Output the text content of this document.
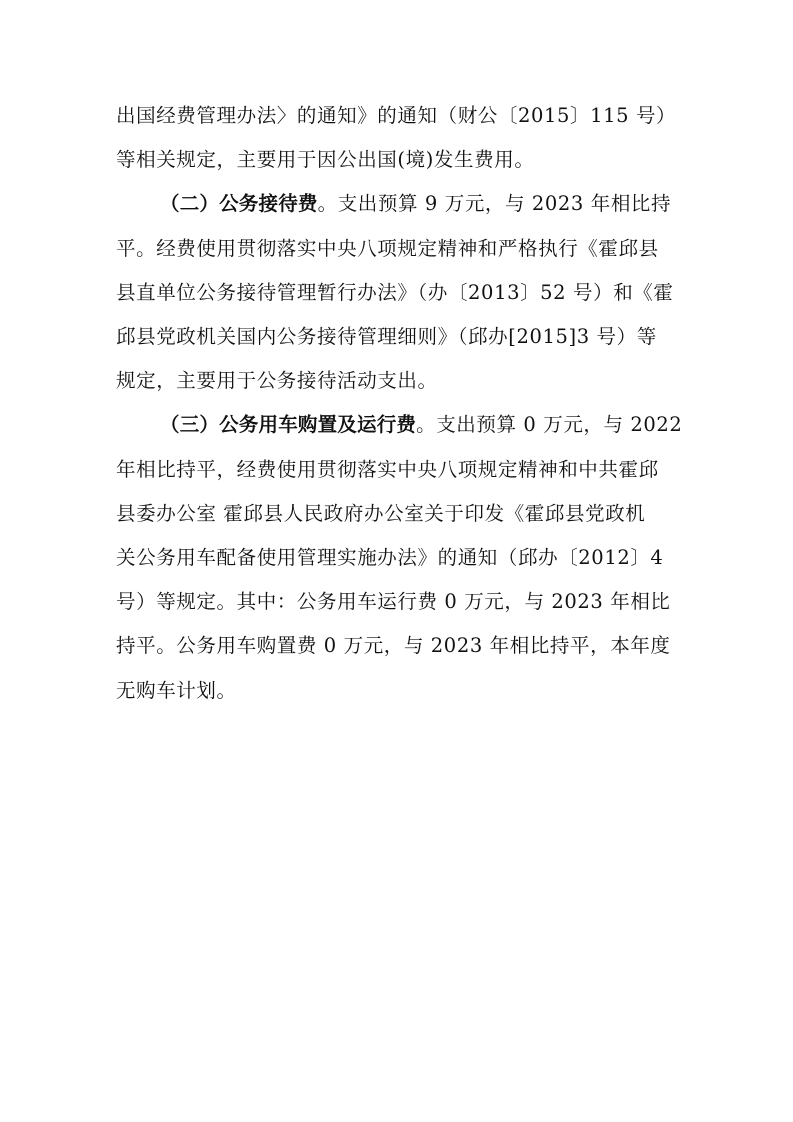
出国经费管理办法〉的通知》的通知（财公〔2015〕115 号）
等相关规定，主要用于因公出国(境)发生费用。
（二）公务接待费。支出预算 9 万元，与 2023 年相比持
平。经费使用贯彻落实中央八项规定精神和严格执行《霍邱县
县直单位公务接待管理暂行办法》（办〔2013〕52 号）和《霍
邱县党政机关国内公务接待管理细则》（邱办[2015]3 号）等
规定，主要用于公务接待活动支出。
（三）公务用车购置及运行费。支出预算 0 万元，与 2022
年相比持平，经费使用贯彻落实中央八项规定精神和中共霍邱
县委办公室 霍邱县人民政府办公室关于印发《霍邱县党政机
关公务用车配备使用管理实施办法》的通知（邱办〔2012〕4
号）等规定。其中：公务用车运行费 0 万元，与 2023 年相比
持平。公务用车购置费 0 万元，与 2023 年相比持平，本年度
无购车计划。
